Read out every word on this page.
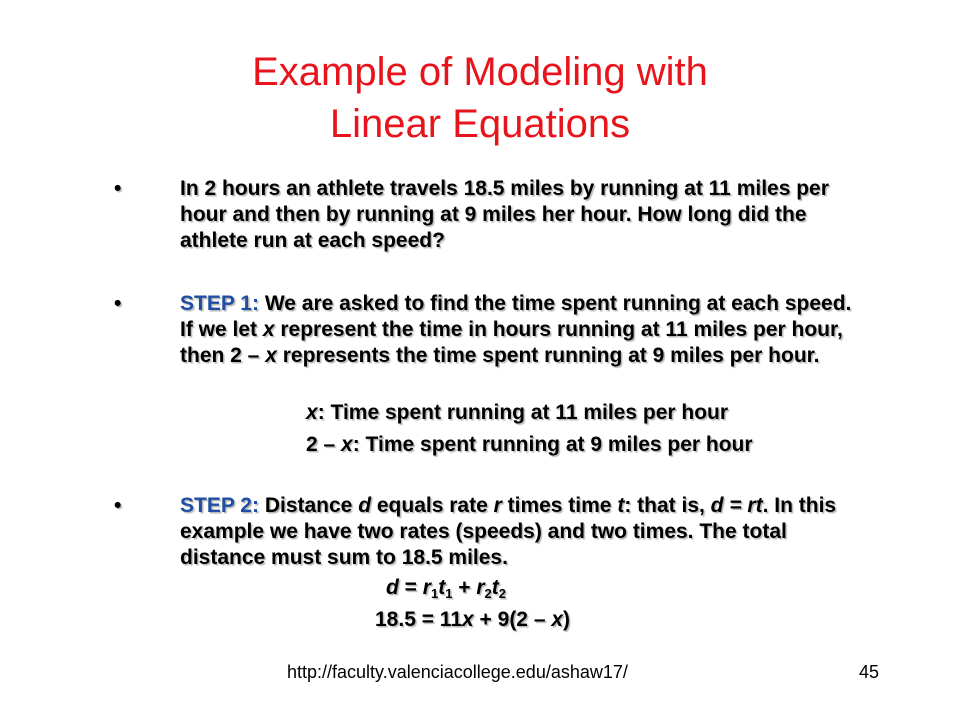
Example of Modeling with
Linear Equations
•	In 2 hours an athlete travels 18.5 miles by running at 11 miles per hour and then by running at 9 miles her hour. How long did the athlete run at each speed?
•	STEP 1: We are asked to find the time spent running at each speed. If we let x represent the time in hours running at 11 miles per hour, then 2 – x represents the time spent running at 9 miles per hour.
x: Time spent running at 11 miles per hour
2 – x: Time spent running at 9 miles per hour
•	STEP 2: Distance d equals rate r times time t: that is, d = rt. In this example we have two rates (speeds) and two times. The total distance must sum to 18.5 miles.
$d = r_1t_1 + r_2t_2$
18.5 = 11x + 9(2 – x)
http://faculty.valenciacollege.edu/ashaw17/	45
